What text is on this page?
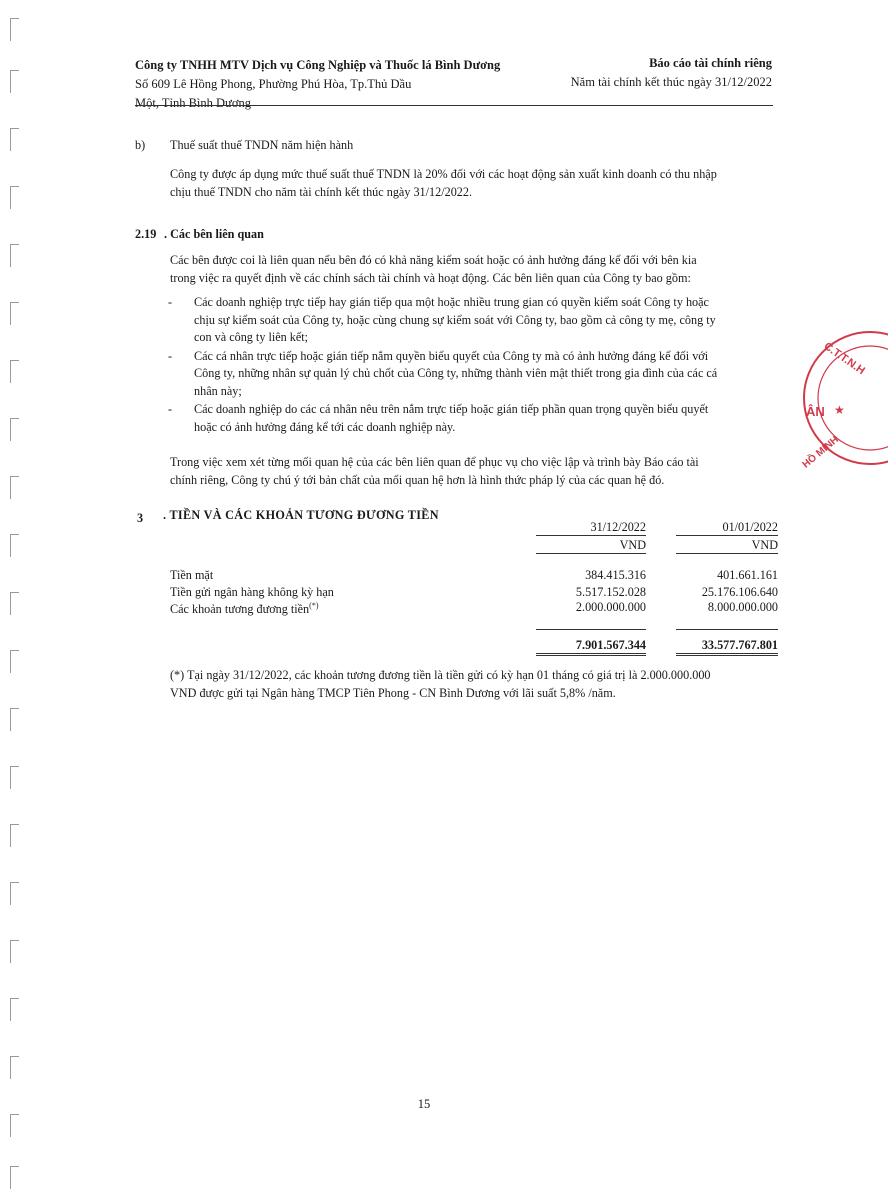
Công ty TNHH MTV Dịch vụ Công Nghiệp và Thuốc lá Bình Dương
Số 609 Lê Hồng Phong, Phường Phú Hòa, Tp.Thủ Dầu
Một, Tỉnh Bình Dương
Báo cáo tài chính riêng
Năm tài chính kết thúc ngày 31/12/2022
b) Thuế suất thuế TNDN năm hiện hành
Công ty được áp dụng mức thuế suất thuế TNDN là 20% đối với các hoạt động sản xuất kinh doanh có thu nhập
chịu thuế TNDN cho năm tài chính kết thúc ngày 31/12/2022.
2.19 . Các bên liên quan
Các bên được coi là liên quan nếu bên đó có khả năng kiểm soát hoặc có ảnh hưởng đáng kể đối với bên kia
trong việc ra quyết định về các chính sách tài chính và hoạt động. Các bên liên quan của Công ty bao gồm:
- Các doanh nghiệp trực tiếp hay gián tiếp qua một hoặc nhiều trung gian có quyền kiểm soát Công ty hoặc
chịu sự kiểm soát của Công ty, hoặc cùng chung sự kiểm soát với Công ty, bao gồm cả công ty mẹ, công ty
con và công ty liên kết;
- Các cá nhân trực tiếp hoặc gián tiếp nắm quyền biểu quyết của Công ty mà có ảnh hưởng đáng kể đối với
Công ty, những nhân sự quản lý chủ chốt của Công ty, những thành viên mật thiết trong gia đình của các cá
nhân này;
- Các doanh nghiệp do các cá nhân nêu trên nắm trực tiếp hoặc gián tiếp phần quan trọng quyền biểu quyết
hoặc có ảnh hưởng đáng kể tới các doanh nghiệp này.
Trong việc xem xét từng mối quan hệ của các bên liên quan để phục vụ cho việc lập và trình bày Báo cáo tài
chính riêng, Công ty chú ý tới bản chất của mối quan hệ hơn là hình thức pháp lý của các quan hệ đó.
3 . TIỀN VÀ CÁC KHOẢN TƯƠNG ĐƯƠNG TIỀN
	31/12/2022		01/01/2022
	VND		VND

Tiền mặt	384.415.316		401.661.161
Tiền gửi ngân hàng không kỳ hạn	5.517.152.028		25.176.106.640
Các khoản tương đương tiền(*)	2.000.000.000		8.000.000.000

	7.901.567.344		33.577.767.801
(*) Tại ngày 31/12/2022, các khoản tương đương tiền là tiền gửi có kỳ hạn 01 tháng có giá trị là 2.000.000.000
VND được gửi tại Ngân hàng TMCP Tiên Phong - CN Bình Dương với lãi suất 5,8% /năm.
C.T.T.N.H
ÂN ★
HỒ MINH
15
